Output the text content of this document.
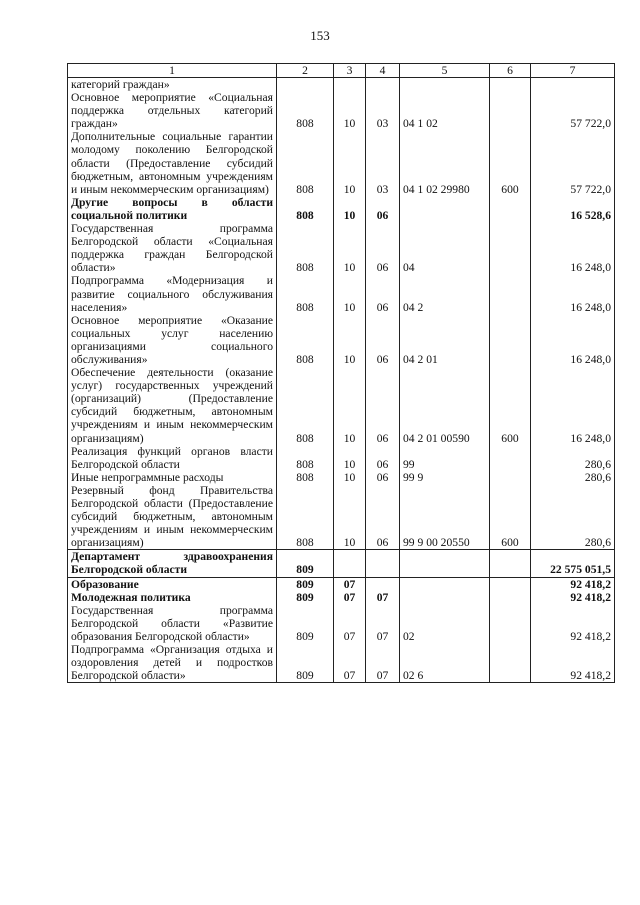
153
1	2	3	4	5	6	7
категорий граждан»						
Основное мероприятие «Социальная поддержка отдельных категорий граждан»	808	10	03	04 1 02		57 722,0
Дополнительные социальные гарантии молодому поколению Белгородской области (Предоставление субсидий бюджетным, автономным учреждениям и иным некоммерческим организациям)	808	10	03	04 1 02 29980	600	57 722,0
Другие вопросы в области социальной политики	808	10	06			16 528,6
Государственная программа Белгородской области «Социальная поддержка граждан Белгородской области»	808	10	06	04		16 248,0
Подпрограмма «Модернизация и развитие социального обслуживания населения»	808	10	06	04 2		16 248,0
Основное мероприятие «Оказание социальных услуг населению организациями социального обслуживания»	808	10	06	04 2 01		16 248,0
Обеспечение деятельности (оказание услуг) государственных учреждений (организаций) (Предоставление субсидий бюджетным, автономным учреждениям и иным некоммерческим организациям)	808	10	06	04 2 01 00590	600	16 248,0
Реализация функций органов власти Белгородской области	808	10	06	99		280,6
Иные непрограммные расходы	808	10	06	99 9		280,6
Резервный фонд Правительства Белгородской области (Предоставление субсидий бюджетным, автономным учреждениям и иным некоммерческим организациям)	808	10	06	99 9 00 20550	600	280,6
Департамент здравоохранения Белгородской области	809					22 575 051,5
Образование	809	07				92 418,2
Молодежная политика	809	07	07			92 418,2
Государственная программа Белгородской области «Развитие образования Белгородской области»	809	07	07	02		92 418,2
Подпрограмма «Организация отдыха и оздоровления детей и подростков Белгородской области»	809	07	07	02 6		92 418,2
